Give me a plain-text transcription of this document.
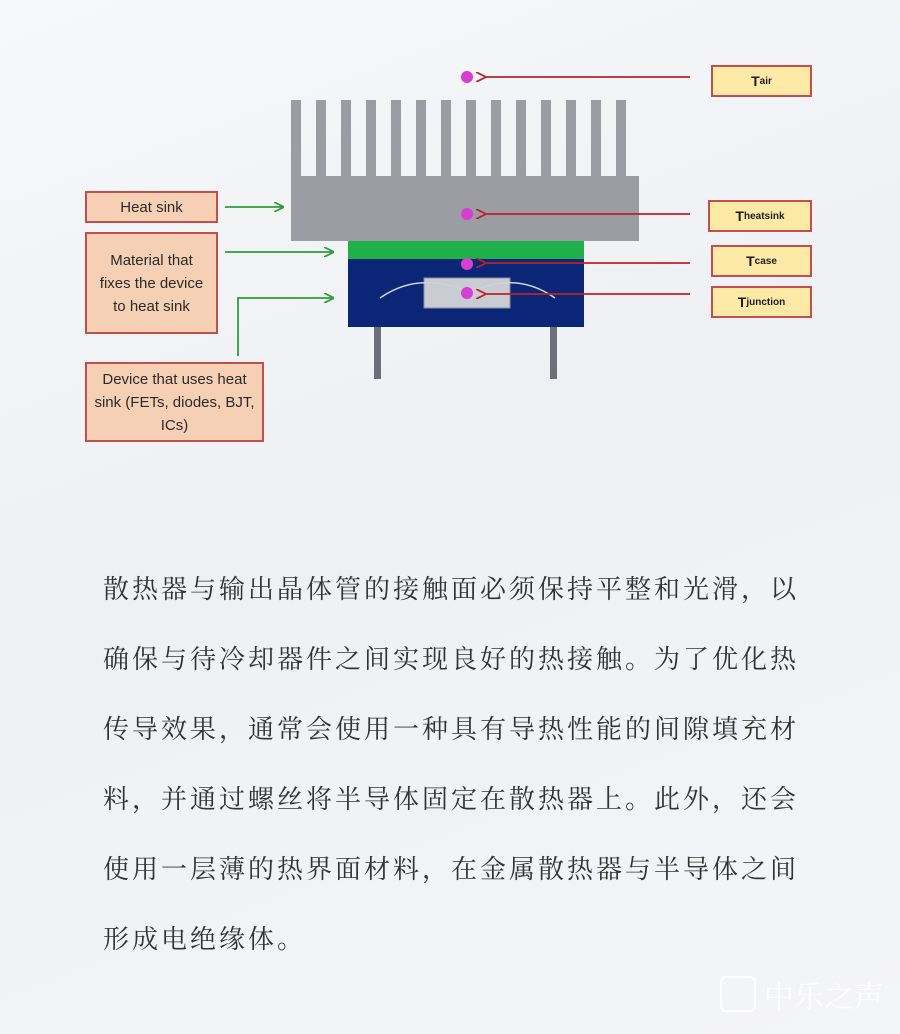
Heat sink
Material that fixes the device to heat sink
Device that uses heat sink (FETs, diodes, BJT, ICs)
T air
T heatsink
T case
T junction

散热器与输出晶体管的接触面必须保持平整和光滑，以确保与待冷却器件之间实现良好的热接触。为了优化热传导效果，通常会使用一种具有导热性能的间隙填充材料，并通过螺丝将半导体固定在散热器上。此外，还会使用一层薄的热界面材料，在金属散热器与半导体之间形成电绝缘体。

中乐之声
